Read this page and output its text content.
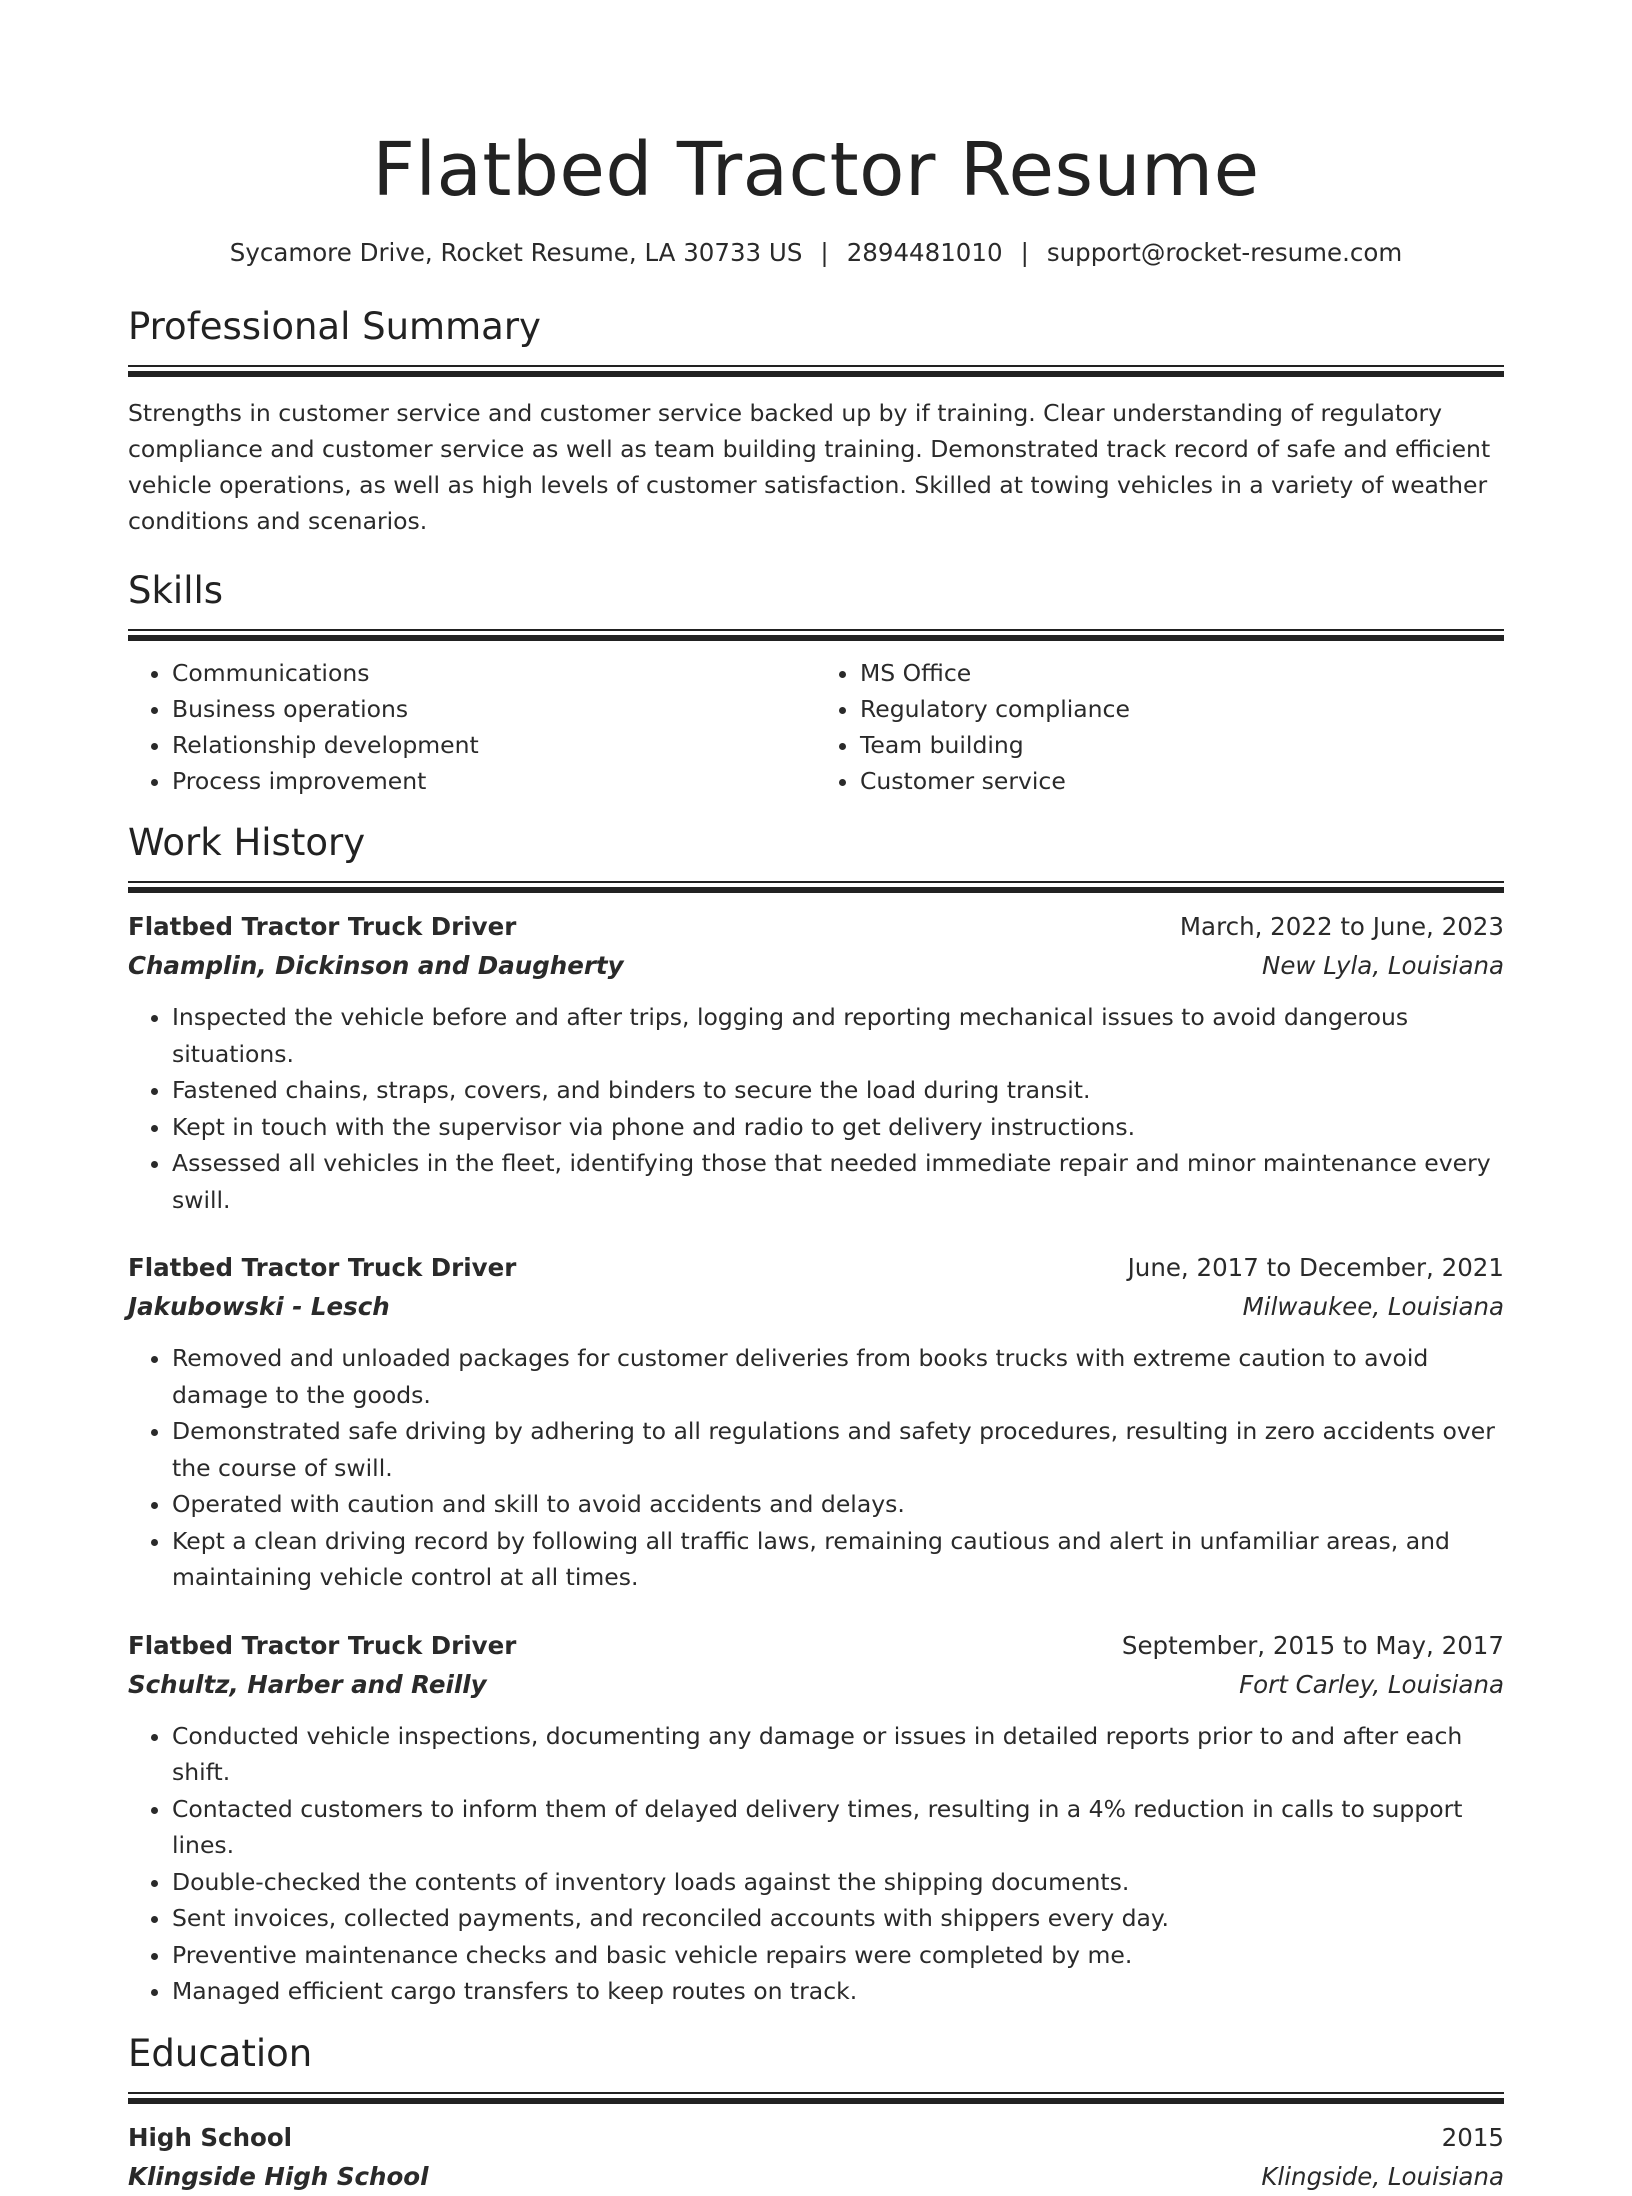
Flatbed Tractor Resume
Sycamore Drive, Rocket Resume, LA 30733 US | 2894481010 | support@rocket-resume.com
Professional Summary

Strengths in customer service and customer service backed up by if training. Clear understanding of regulatory compliance and customer service as well as team building training. Demonstrated track record of safe and efficient vehicle operations, as well as high levels of customer satisfaction. Skilled at towing vehicles in a variety of weather conditions and scenarios.

Skills
• Communications
• Business operations
• Relationship development
• Process improvement
• MS Office
• Regulatory compliance
• Team building
• Customer service
Work History
Flatbed Tractor Truck Driver	March, 2022 to June, 2023
Champlin, Dickinson and Daugherty	New Lyla, Louisiana
• Inspected the vehicle before and after trips, logging and reporting mechanical issues to avoid dangerous situations.
• Fastened chains, straps, covers, and binders to secure the load during transit.
• Kept in touch with the supervisor via phone and radio to get delivery instructions.
• Assessed all vehicles in the fleet, identifying those that needed immediate repair and minor maintenance every swill.
Flatbed Tractor Truck Driver	June, 2017 to December, 2021
Jakubowski - Lesch	Milwaukee, Louisiana
• Removed and unloaded packages for customer deliveries from books trucks with extreme caution to avoid damage to the goods.
• Demonstrated safe driving by adhering to all regulations and safety procedures, resulting in zero accidents over the course of swill.
• Operated with caution and skill to avoid accidents and delays.
• Kept a clean driving record by following all traffic laws, remaining cautious and alert in unfamiliar areas, and maintaining vehicle control at all times.
Flatbed Tractor Truck Driver	September, 2015 to May, 2017
Schultz, Harber and Reilly	Fort Carley, Louisiana
• Conducted vehicle inspections, documenting any damage or issues in detailed reports prior to and after each shift.
• Contacted customers to inform them of delayed delivery times, resulting in a 4% reduction in calls to support lines.
• Double-checked the contents of inventory loads against the shipping documents.
• Sent invoices, collected payments, and reconciled accounts with shippers every day.
• Preventive maintenance checks and basic vehicle repairs were completed by me.
• Managed efficient cargo transfers to keep routes on track.
Education
High School	2015
Klingside High School	Klingside, Louisiana
